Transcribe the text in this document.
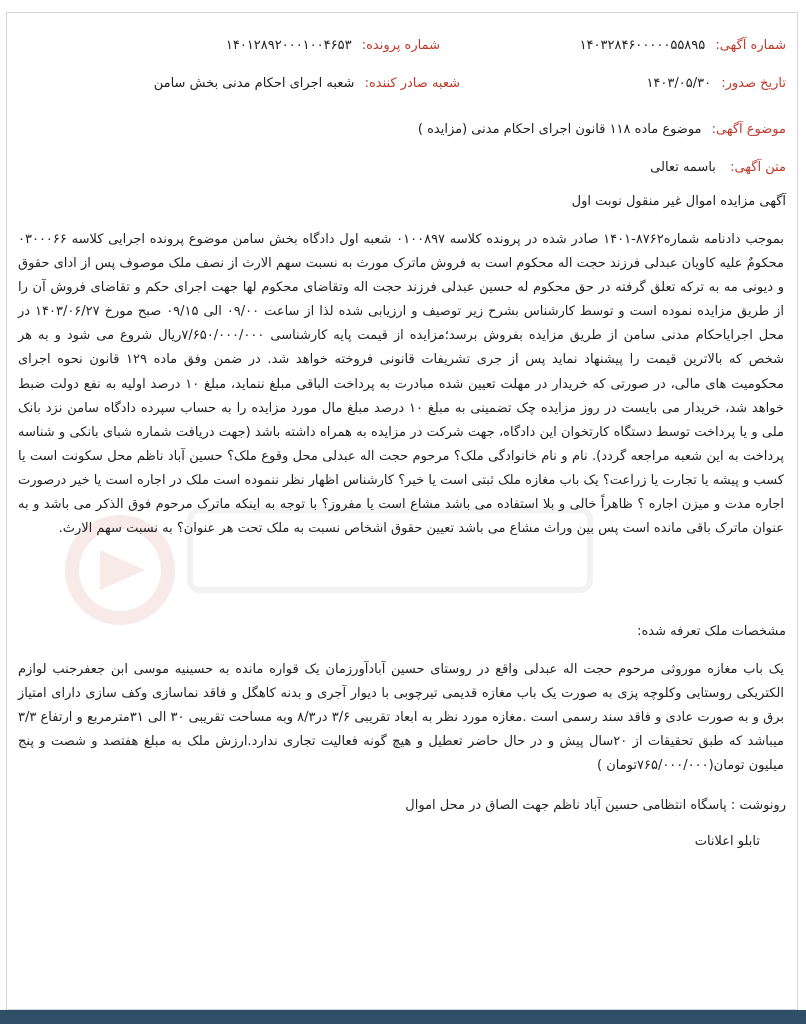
شماره آگهی: ۱۴۰۳۲۸۴۶۰۰۰۰۰۵۵۸۹۵
شماره پرونده: ۱۴۰۱۲۸۹۲۰۰۰۱۰۰۴۶۵۳
تاریخ صدور: ۱۴۰۳/۰۵/۳۰
شعبه صادر کننده: شعبه اجرای احکام مدنی بخش سامن
موضوع آگهی: موضوع ماده ۱۱۸ قانون اجرای احکام مدنی (مزایده )
متن آگهی: باسمه تعالی
آگهی مزایده اموال غیر منقول نوبت اول
بموجب دادنامه شماره۸۷۶۲-۱۴۰۱ صادر شده در پرونده کلاسه ۰۱۰۰۸۹۷ شعبه اول دادگاه بخش سامن موضوع پرونده اجرایی کلاسه ۰۳۰۰۰۶۶ محکومٌ علیه کاویان عبدلی فرزند حجت اله محکوم است به فروش ماترک مورث به نسبت سهم الارث از نصف ملک موصوف پس از ادای حقوق و دیونی مه به ترکه تعلق گرفته در حق محکوم له حسین عبدلی فرزند حجت اله وتقاضای محکوم لها جهت اجرای حکم و تقاضای فروش آن را از طریق مزایده نموده است و توسط کارشناس بشرح زیر توصیف و ارزیابی شده لذا از ساعت ۰۹/۰۰ الی ۰۹/۱۵ صبح مورخ ۱۴۰۳/۰۶/۲۷ در محل اجرایاحکام مدنی سامن از طریق مزایده بفروش برسد؛مزایده از قیمت پایه کارشناسی ۷/۶۵۰/۰۰۰/۰۰۰ریال شروع می شود و به هر شخص که بالاترین قیمت را پیشنهاد نماید پس از جری تشریفات قانونی فروخته خواهد شد. در ضمن وفق ماده ۱۲۹ قانون نحوه اجرای محکومیت های مالی، در صورتی که خریدار در مهلت تعیین شده مبادرت به پرداخت الباقی مبلغ ننماید، مبلغ ۱۰ درصد اولیه به نفع دولت ضبط خواهد شد، خریدار می بایست در روز مزایده چک تضمینی به مبلغ ۱۰ درصد مبلغ مال مورد مزایده را به حساب سپرده دادگاه سامن نزد بانک ملی و یا پرداخت توسط دستگاه کارتخوان این دادگاه، جهت شرکت در مزایده به همراه داشته باشد (جهت دریافت شماره شبای بانکی و شناسه پرداخت به این شعبه مراجعه گردد). نام و نام خانوادگی ملک؟ مرحوم حجت اله عبدلی محل وقوع ملک؟ حسین آباد ناظم محل سکونت است یا کسب و پیشه یا تجارت یا زراعت؟ یک باب مغازه ملک ثبتی است یا خیر؟ کارشناس اظهار نظر ننموده است ملک در اجاره است یا خیر درصورت اجاره مدت و میزن اجاره ؟ ظاهراً خالی و بلا استفاده می باشد مشاع است یا مفروز؟ با توجه به اینکه ماترک مرحوم فوق الذکر می باشد و به عنوان ماترک باقی مانده است پس بین وراث مشاع می باشد تعیین حقوق اشخاص نسبت به ملک تحت هر عنوان؟ به نسبت سهم الارث.
مشخصات ملک تعرفه شده:
یک باب مغازه موروثی مرحوم حجت اله عبدلی واقع در روستای حسین آبادآورزمان یک قواره مانده به حسینیه موسی ابن جعفرجنب لوازم الکتریکی روستایی وکلوچه پزی به صورت یک باب مغازه قدیمی تیرچوبی با دیوار آجری و بدنه کاهگل و فاقد نماسازی وکف سازی دارای امتیاز برق و به صورت عادی و فاقد سند رسمی است .مغازه مورد نظر به ابعاد تقریبی ۳/۶ در۸/۳ وبه مساحت تقریبی ۳۰ الی ۳۱مترمربع و ارتفاع ۳/۳ میباشد که طبق تحقیقات از ۲۰سال پیش و در حال حاضر تعطیل و هیچ گونه فعالیت تجاری ندارد.ارزش ملک به مبلغ هفتصد و شصت و پنج میلیون تومان(۷۶۵/۰۰۰/۰۰۰تومان )
رونوشت : پاسگاه انتظامی حسین آباد ناظم جهت الصاق در محل اموال
تابلو اعلانات
